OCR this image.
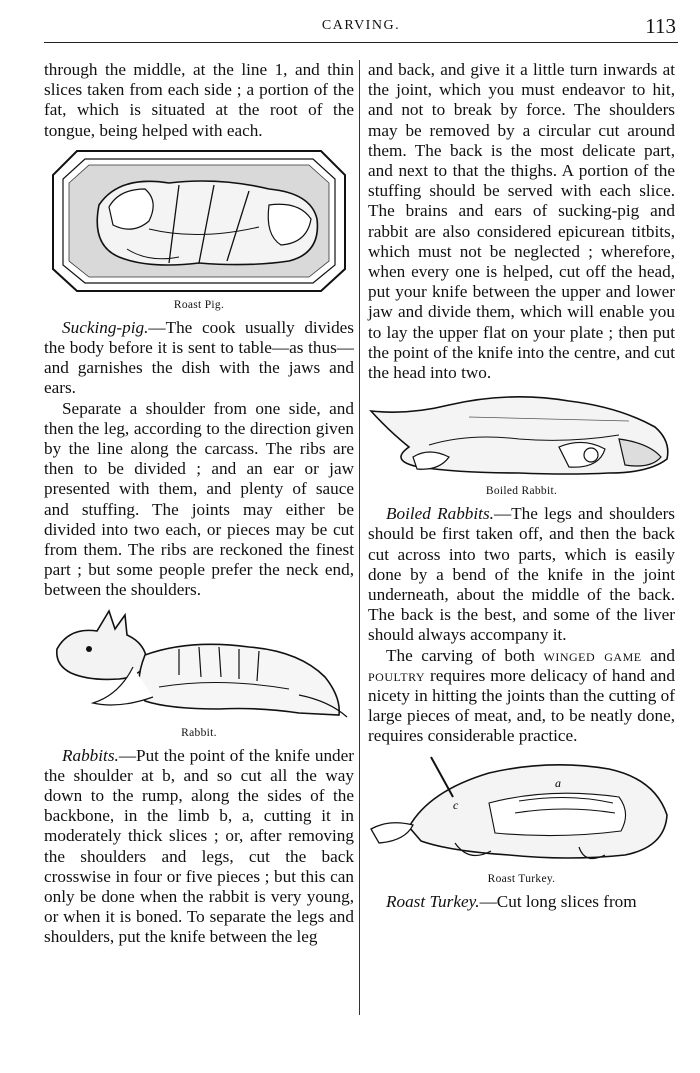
CARVING.	113

through the middle, at the line 1, and thin slices taken from each side ; a portion of the fat, which is situated at the root of the tongue, being helped with each.

Roast Pig.

Sucking-pig.—The cook usually divides the body before it is sent to table—as thus—and garnishes the dish with the jaws and ears.

Separate a shoulder from one side, and then the leg, according to the direction given by the line along the carcass. The ribs are then to be divided ; and an ear or jaw presented with them, and plenty of sauce and stuffing. The joints may either be divided into two each, or pieces may be cut from them. The ribs are reckoned the finest part ; but some people prefer the neck end, between the shoulders.

Rabbit.

Rabbits.—Put the point of the knife under the shoulder at b, and so cut all the way down to the rump, along the sides of the backbone, in the limb b, a, cutting it in moderately thick slices ; or, after removing the shoulders and legs, cut the back crosswise in four or five pieces ; but this can only be done when the rabbit is very young, or when it is boned. To separate the legs and shoulders, put the knife between the leg

and back, and give it a little turn inwards at the joint, which you must endeavor to hit, and not to break by force. The shoulders may be removed by a circular cut around them. The back is the most delicate part, and next to that the thighs. A portion of the stuffing should be served with each slice. The brains and ears of sucking-pig and rabbit are also considered epicurean titbits, which must not be neglected ; wherefore, when every one is helped, cut off the head, put your knife between the upper and lower jaw and divide them, which will enable you to lay the upper flat on your plate ; then put the point of the knife into the centre, and cut the head into two.

Boiled Rabbit.

Boiled Rabbits.—The legs and shoulders should be first taken off, and then the back cut across into two parts, which is easily done by a bend of the knife in the joint underneath, about the middle of the back. The back is the best, and some of the liver should always accompany it.

The carving of both winged game and poultry requires more delicacy of hand and nicety in hitting the joints than the cutting of large pieces of meat, and, to be neatly done, requires considerable practice.

c
a
Roast Turkey.

Roast Turkey.—Cut long slices from
